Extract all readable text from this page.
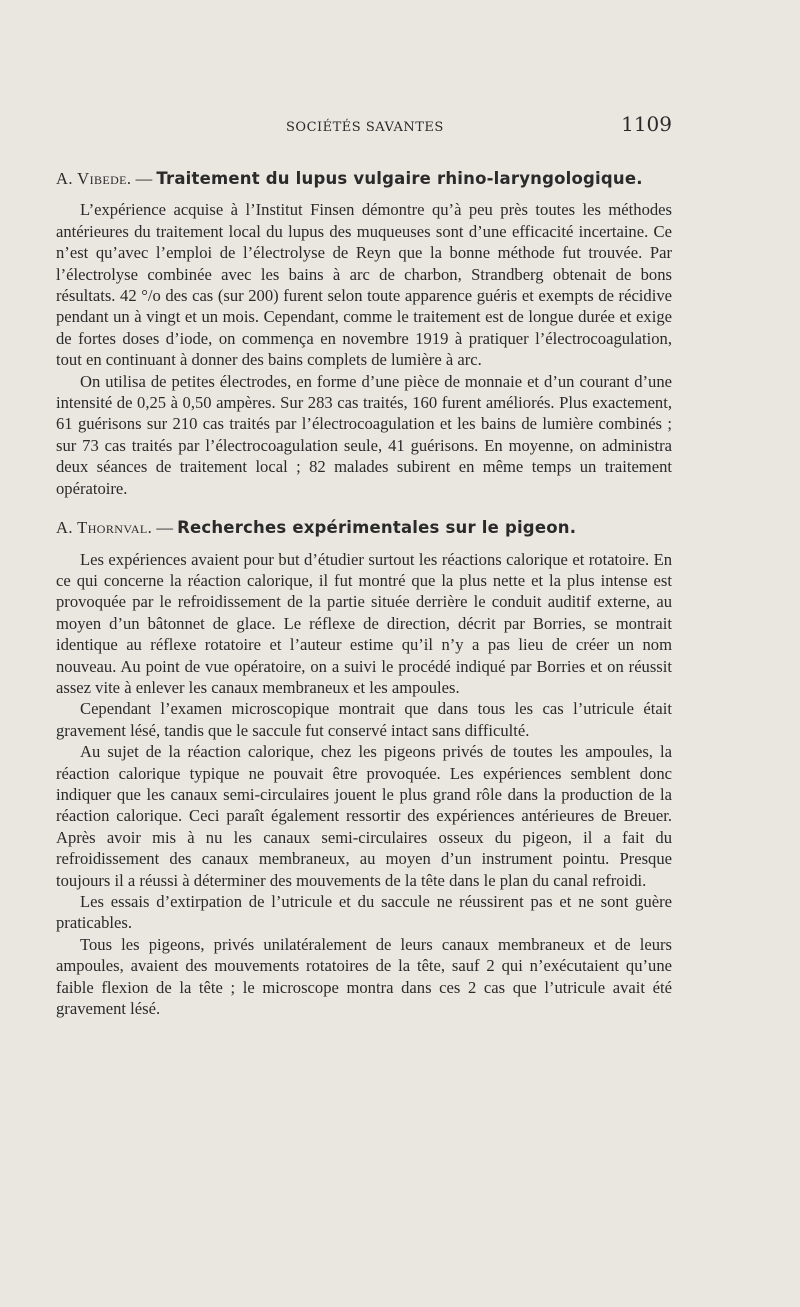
SOCIÉTÉS SAVANTES	1109

A. Vibede. — Traitement du lupus vulgaire rhino-laryngologique.

L’expérience acquise à l’Institut Finsen démontre qu’à peu près toutes les méthodes antérieures du traitement local du lupus des muqueuses sont d’une efficacité incertaine. Ce n’est qu’avec l’emploi de l’électrolyse de Reyn que la bonne méthode fut trouvée. Par l’électrolyse combinée avec les bains à arc de charbon, Strandberg obtenait de bons résultats. 42 °/o des cas (sur 200) furent selon toute apparence guéris et exempts de récidive pendant un à vingt et un mois. Cependant, comme le traitement est de longue durée et exige de fortes doses d’iode, on commença en novembre 1919 à pratiquer l’électrocoagulation, tout en continuant à donner des bains complets de lumière à arc.

On utilisa de petites électrodes, en forme d’une pièce de monnaie et d’un courant d’une intensité de 0,25 à 0,50 ampères. Sur 283 cas traités, 160 furent améliorés. Plus exactement, 61 guérisons sur 210 cas traités par l’électrocoagulation et les bains de lumière combinés ; sur 73 cas traités par l’électrocoagulation seule, 41 guérisons. En moyenne, on administra deux séances de traitement local ; 82 malades subirent en même temps un traitement opératoire.

A. Thornval. — Recherches expérimentales sur le pigeon.

Les expériences avaient pour but d’étudier surtout les réactions calorique et rotatoire. En ce qui concerne la réaction calorique, il fut montré que la plus nette et la plus intense est provoquée par le refroidissement de la partie située derrière le conduit auditif externe, au moyen d’un bâtonnet de glace. Le réflexe de direction, décrit par Borries, se montrait identique au réflexe rotatoire et l’auteur estime qu’il n’y a pas lieu de créer un nom nouveau. Au point de vue opératoire, on a suivi le procédé indiqué par Borries et on réussit assez vite à enlever les canaux membraneux et les ampoules.

Cependant l’examen microscopique montrait que dans tous les cas l’utricule était gravement lésé, tandis que le saccule fut conservé intact sans difficulté.

Au sujet de la réaction calorique, chez les pigeons privés de toutes les ampoules, la réaction calorique typique ne pouvait être provoquée. Les expériences semblent donc indiquer que les canaux semi-circulaires jouent le plus grand rôle dans la production de la réaction calorique. Ceci paraît également ressortir des expériences antérieures de Breuer. Après avoir mis à nu les canaux semi-circulaires osseux du pigeon, il a fait du refroidissement des canaux membraneux, au moyen d’un instrument pointu. Presque toujours il a réussi à déterminer des mouvements de la tête dans le plan du canal refroidi.

Les essais d’extirpation de l’utricule et du saccule ne réussirent pas et ne sont guère praticables.

Tous les pigeons, privés unilatéralement de leurs canaux membraneux et de leurs ampoules, avaient des mouvements rotatoires de la tête, sauf 2 qui n’exécutaient qu’une faible flexion de la tête ; le microscope montra dans ces 2 cas que l’utricule avait été gravement lésé.
